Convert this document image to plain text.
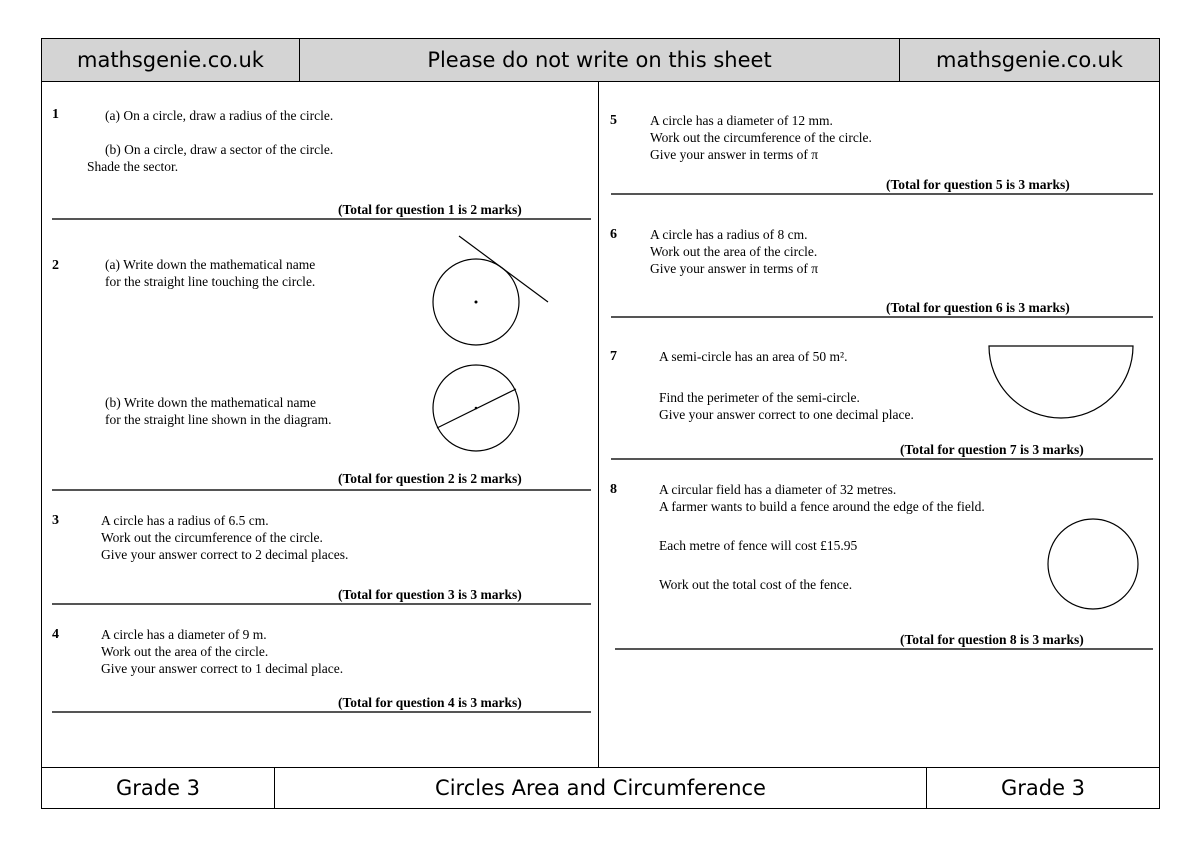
mathsgenie.co.uk	Please do not write on this sheet	mathsgenie.co.uk
1	(a) On a circle, draw a radius of the circle.
(b) On a circle, draw a sector of the circle.
Shade the sector.
(Total for question 1 is 2 marks)
2	(a) Write down the mathematical name
for the straight line touching the circle.
(b) Write down the mathematical name
for the straight line shown in the diagram.
(Total for question 2 is 2 marks)
3	A circle has a radius of 6.5 cm.
Work out the circumference of the circle.
Give your answer correct to 2 decimal places.
(Total for question 3 is 3 marks)
4	A circle has a diameter of 9 m.
Work out the area of the circle.
Give your answer correct to 1 decimal place.
(Total for question 4 is 3 marks)
5 A circle has a diameter of 12 mm.
Work out the circumference of the circle.
Give your answer in terms of π
(Total for question 5 is 3 marks)
6 A circle has a radius of 8 cm.
Work out the area of the circle.
Give your answer in terms of π
(Total for question 6 is 3 marks)
7	A semi-circle has an area of 50 m².
Find the perimeter of the semi-circle.
Give your answer correct to one decimal place.
(Total for question 7 is 3 marks)
8	A circular field has a diameter of 32 metres.
A farmer wants to build a fence around the edge of the field.
Each metre of fence will cost £15.95
Work out the total cost of the fence.
(Total for question 8 is 3 marks)
Grade 3	Circles Area and Circumference	Grade 3
